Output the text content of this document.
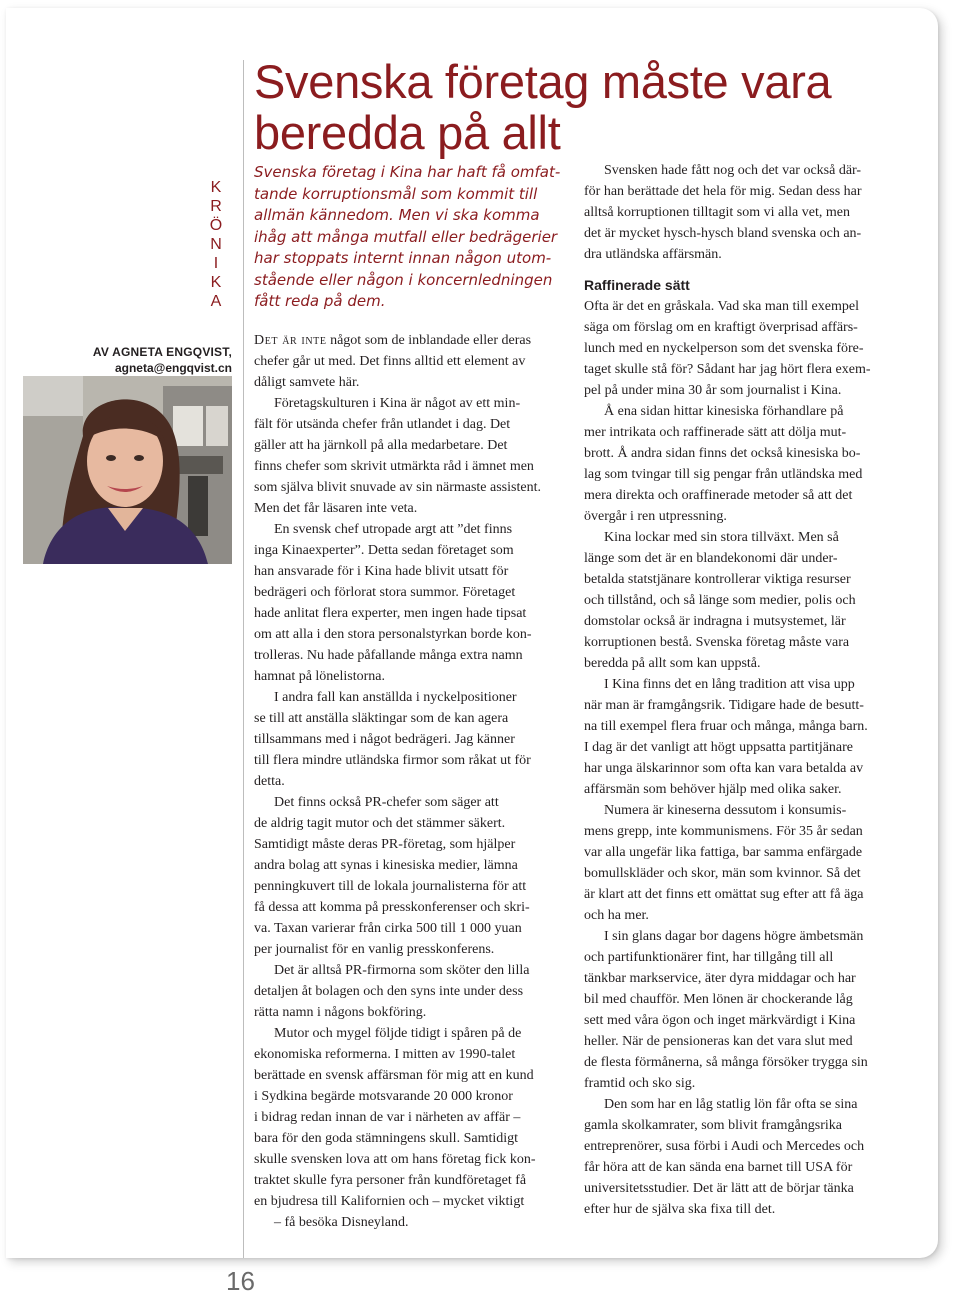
K
R
Ö
N
I
K
A
AV AGNETA ENGQVIST,
agneta@engqvist.cn
Svenska företag måste vara
beredda på allt
Svenska företag i Kina har haft få omfat-
tande korruptionsmål som kommit till
allmän kännedom. Men vi ska komma
ihåg att många mutfall eller bedrägerier
har stoppats internt innan någon utom-
stående eller någon i koncernledningen
fått reda på dem.
Det är inte något som de inblandade eller deras
chefer går ut med. Det finns alltid ett element av
dåligt samvete här.
Företagskulturen i Kina är något av ett min-
fält för utsända chefer från utlandet i dag. Det
gäller att ha järnkoll på alla medarbetare. Det
finns chefer som skrivit utmärkta råd i ämnet men
som själva blivit snuvade av sin närmaste assistent.
Men det får läsaren inte veta.
En svensk chef utropade argt att ”det finns
inga Kinaexperter”. Detta sedan företaget som
han ansvarade för i Kina hade blivit utsatt för
bedrägeri och förlorat stora summor. Företaget
hade anlitat flera experter, men ingen hade tipsat
om att alla i den stora personalstyrkan borde kon-
trolleras. Nu hade påfallande många extra namn
hamnat på lönelistorna.
I andra fall kan anställda i nyckelpositioner
se till att anställa släktingar som de kan agera
tillsammans med i något bedrägeri. Jag känner
till flera mindre utländska firmor som råkat ut för
detta.
Det finns också PR-chefer som säger att
de aldrig tagit mutor och det stämmer säkert.
Samtidigt måste deras PR-företag, som hjälper
andra bolag att synas i kinesiska medier, lämna
penningkuvert till de lokala journalisterna för att
få dessa att komma på presskonferenser och skri-
va. Taxan varierar från cirka 500 till 1 000 yuan
per journalist för en vanlig presskonferens.
Det är alltså PR-firmorna som sköter den lilla
detaljen åt bolagen och den syns inte under dess
rätta namn i någons bokföring.
Mutor och mygel följde tidigt i spåren på de
ekonomiska reformerna. I mitten av 1990-talet
berättade en svensk affärsman för mig att en kund
i Sydkina begärde motsvarande 20 000 kronor
i bidrag redan innan de var i närheten av affär –
bara för den goda stämningens skull. Samtidigt
skulle svensken lova att om hans företag fick kon-
traktet skulle fyra personer från kundföretaget få
en bjudresa till Kalifornien och – mycket viktigt
– få besöka Disneyland.
Svensken hade fått nog och det var också där-
för han berättade det hela för mig. Sedan dess har
alltså korruptionen tilltagit som vi alla vet, men
det är mycket hysch-hysch bland svenska och an-
dra utländska affärsmän.
Raffinerade sätt
Ofta är det en gråskala. Vad ska man till exempel
säga om förslag om en kraftigt överprisad affärs-
lunch med en nyckelperson som det svenska före-
taget skulle stå för? Sådant har jag hört flera exem-
pel på under mina 30 år som journalist i Kina.
Å ena sidan hittar kinesiska förhandlare på
mer intrikata och raffinerade sätt att dölja mut-
brott. Å andra sidan finns det också kinesiska bo-
lag som tvingar till sig pengar från utländska med
mera direkta och oraffinerade metoder så att det
övergår i ren utpressning.
Kina lockar med sin stora tillväxt. Men så
länge som det är en blandekonomi där under-
betalda statstjänare kontrollerar viktiga resurser
och tillstånd, och så länge som medier, polis och
domstolar också är indragna i mutsystemet, lär
korruptionen bestå. Svenska företag måste vara
beredda på allt som kan uppstå.
I Kina finns det en lång tradition att visa upp
när man är framgångsrik. Tidigare hade de besutt-
na till exempel flera fruar och många, många barn.
I dag är det vanligt att högt uppsatta partitjänare
har unga älskarinnor som ofta kan vara betalda av
affärsmän som behöver hjälp med olika saker.
Numera är kineserna dessutom i konsumis-
mens grepp, inte kommunismens. För 35 år sedan
var alla ungefär lika fattiga, bar samma enfärgade
bomullskläder och skor, män som kvinnor. Så det
är klart att det finns ett omättat sug efter att få äga
och ha mer.
I sin glans dagar bor dagens högre ämbetsmän
och partifunktionärer fint, har tillgång till all
tänkbar markservice, äter dyra middagar och har
bil med chaufför. Men lönen är chockerande låg
sett med våra ögon och inget märkvärdigt i Kina
heller. När de pensioneras kan det vara slut med
de flesta förmånerna, så många försöker trygga sin
framtid och sko sig.
Den som har en låg statlig lön får ofta se sina
gamla skolkamrater, som blivit framgångsrika
entreprenörer, susa förbi i Audi och Mercedes och
får höra att de kan sända ena barnet till USA för
universitetsstudier. Det är lätt att de börjar tänka
efter hur de själva ska fixa till det.
16
